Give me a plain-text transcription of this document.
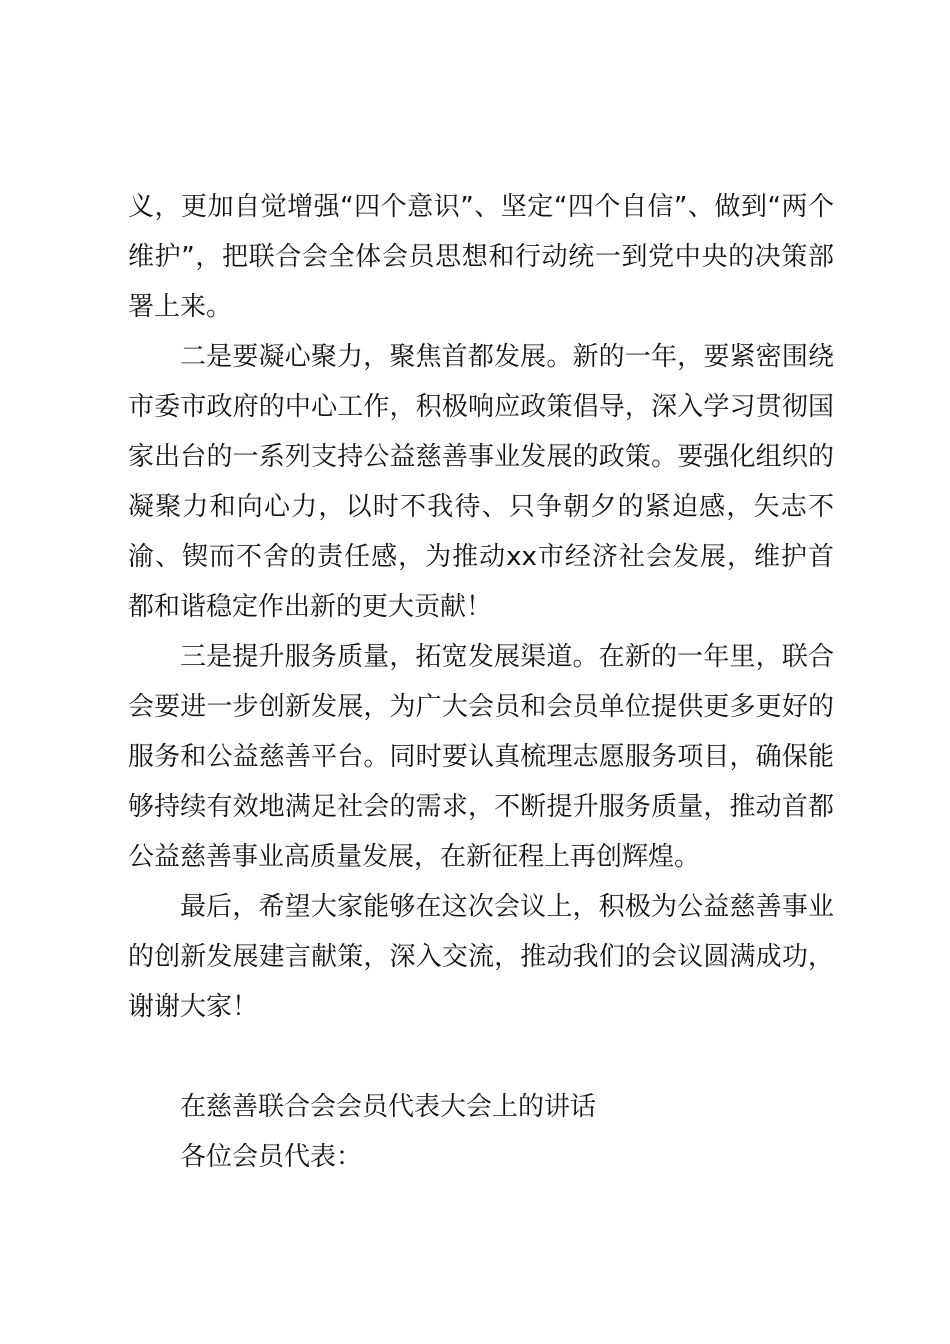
义，更加自觉增强“四个意识”、坚定“四个自信”、做到“两个维护”，把联合会全体会员思想和行动统一到党中央的决策部署上来。

二是要凝心聚力，聚焦首都发展。新的一年，要紧密围绕市委市政府的中心工作，积极响应政策倡导，深入学习贯彻国家出台的一系列支持公益慈善事业发展的政策。要强化组织的凝聚力和向心力，以时不我待、只争朝夕的紧迫感，矢志不渝、锲而不舍的责任感，为推动xx市经济社会发展，维护首都和谐稳定作出新的更大贡献！

三是提升服务质量，拓宽发展渠道。在新的一年里，联合会要进一步创新发展，为广大会员和会员单位提供更多更好的服务和公益慈善平台。同时要认真梳理志愿服务项目，确保能够持续有效地满足社会的需求，不断提升服务质量，推动首都公益慈善事业高质量发展，在新征程上再创辉煌。

最后，希望大家能够在这次会议上，积极为公益慈善事业的创新发展建言献策，深入交流，推动我们的会议圆满成功，谢谢大家！

在慈善联合会会员代表大会上的讲话

各位会员代表：
